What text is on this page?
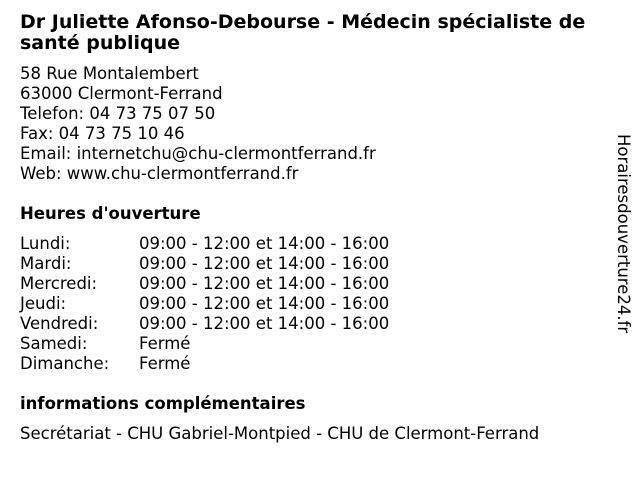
Dr Juliette Afonso-Debourse - Médecin spécialiste de
santé publique
58 Rue Montalembert
63000 Clermont-Ferrand
Telefon: 04 73 75 07 50
Fax: 04 73 75 10 46
Email: internetchu@chu-clermontferrand.fr
Web: www.chu-clermontferrand.fr
Heures d'ouverture
Lundi:	09:00 - 12:00 et 14:00 - 16:00
Mardi:	09:00 - 12:00 et 14:00 - 16:00
Mercredi:	09:00 - 12:00 et 14:00 - 16:00
Jeudi:	09:00 - 12:00 et 14:00 - 16:00
Vendredi:	09:00 - 12:00 et 14:00 - 16:00
Samedi:	Fermé
Dimanche:	Fermé
informations complémentaires
Secrétariat - CHU Gabriel-Montpied - CHU de Clermont-Ferrand
Horairesdouverture24.fr
